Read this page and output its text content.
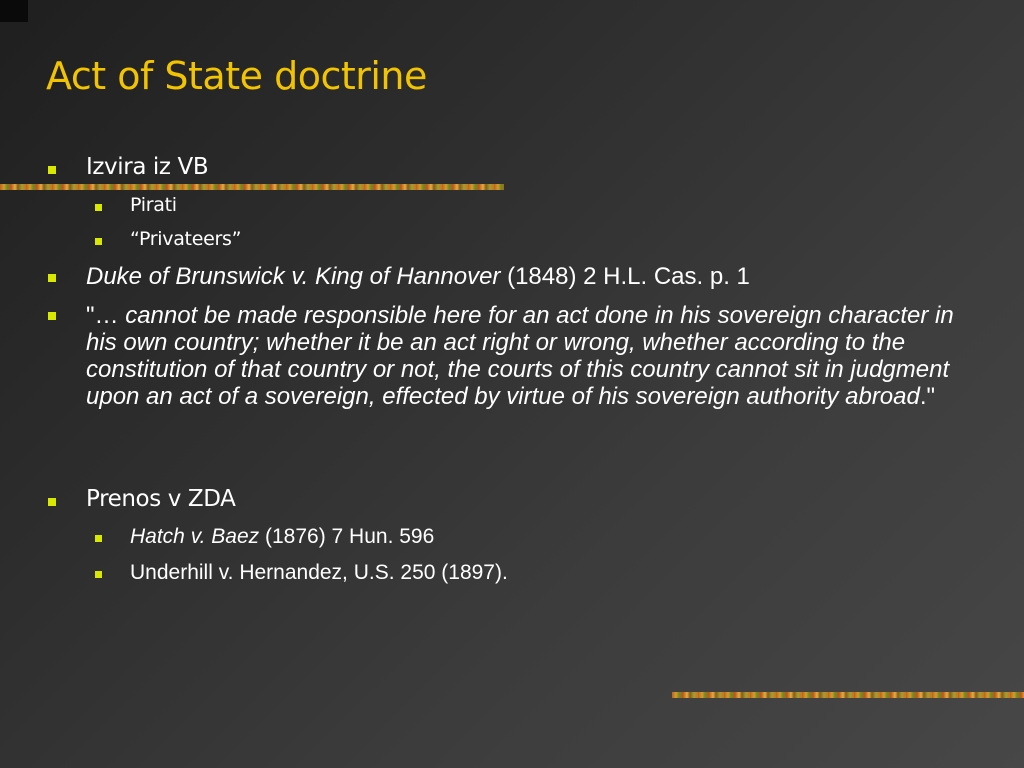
Act of State doctrine
Izvira iz VB
Pirati
“Privateers”
Duke of Brunswick v. King of Hannover (1848) 2 H.L. Cas. p. 1

"… cannot be made responsible here for an act done in his sovereign character in his own country; whether it be an act right or wrong, whether according to the constitution of that country or not, the courts of this country cannot sit in judgment upon an act of a sovereign, effected by virtue of his sovereign authority abroad."

Prenos v ZDA
Hatch v. Baez (1876) 7 Hun. 596
Underhill v. Hernandez, U.S. 250 (1897).
